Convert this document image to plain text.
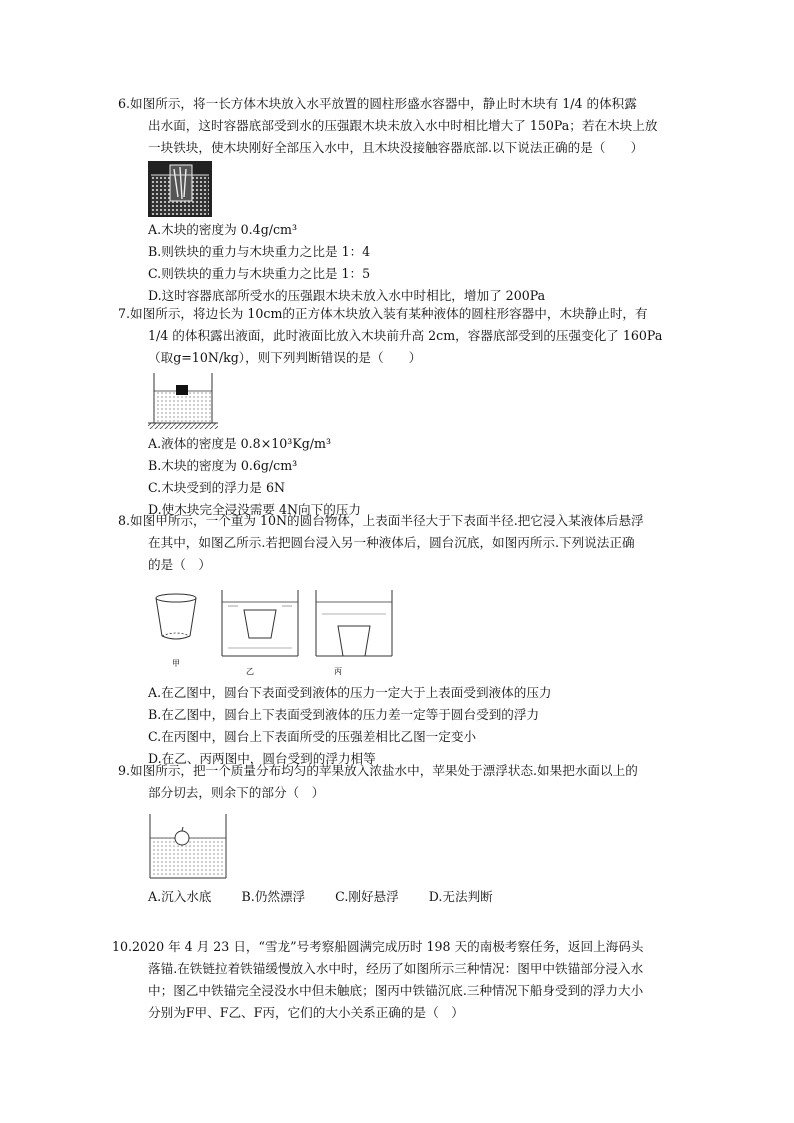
6.如图所示，将一长方体木块放入水平放置的圆柱形盛水容器中，静止时木块有 1/4 的体积露
出水面，这时容器底部受到水的压强跟木块未放入水中时相比增大了 150Pa；若在木块上放
一块铁块，使木块刚好全部压入水中，且木块没接触容器底部.以下说法正确的是（　　）
A.木块的密度为 0.4g/cm³
B.则铁块的重力与木块重力之比是 1：4
C.则铁块的重力与木块重力之比是 1：5
D.这时容器底部所受水的压强跟木块未放入水中时相比，增加了 200Pa
7.如图所示，将边长为 10cm的正方体木块放入装有某种液体的圆柱形容器中，木块静止时，有
1/4 的体积露出液面，此时液面比放入木块前升高 2cm，容器底部受到的压强变化了 160Pa
（取g=10N/kg），则下列判断错误的是（　　）
A.液体的密度是 0.8×10³Kg/m³
B.木块的密度为 0.6g/cm³
C.木块受到的浮力是 6N
D.使木块完全浸没需要 4N向下的压力
8.如图甲所示，一个重为 10N的圆台物体，上表面半径大于下表面半径.把它浸入某液体后悬浮
在其中，如图乙所示.若把圆台浸入另一种液体后，圆台沉底，如图丙所示.下列说法正确
的是（　）
甲
乙	丙
A.在乙图中，圆台下表面受到液体的压力一定大于上表面受到液体的压力
B.在乙图中，圆台上下表面受到液体的压力差一定等于圆台受到的浮力
C.在丙图中，圆台上下表面所受的压强差相比乙图一定变小
D.在乙、丙两图中，圆台受到的浮力相等
9.如图所示，把一个质量分布均匀的苹果放入浓盐水中，苹果处于漂浮状态.如果把水面以上的
部分切去，则余下的部分（　）
A.沉入水底 B.仍然漂浮 C.刚好悬浮 D.无法判断
10.2020 年 4 月 23 日，“雪龙”号考察船圆满完成历时 198 天的南极考察任务，返回上海码头
落锚.在铁链拉着铁锚缓慢放入水中时，经历了如图所示三种情况：图甲中铁锚部分浸入水
中；图乙中铁锚完全浸没水中但未触底；图丙中铁锚沉底.三种情况下船身受到的浮力大小
分别为F甲、F乙、F丙，它们的大小关系正确的是（　）
